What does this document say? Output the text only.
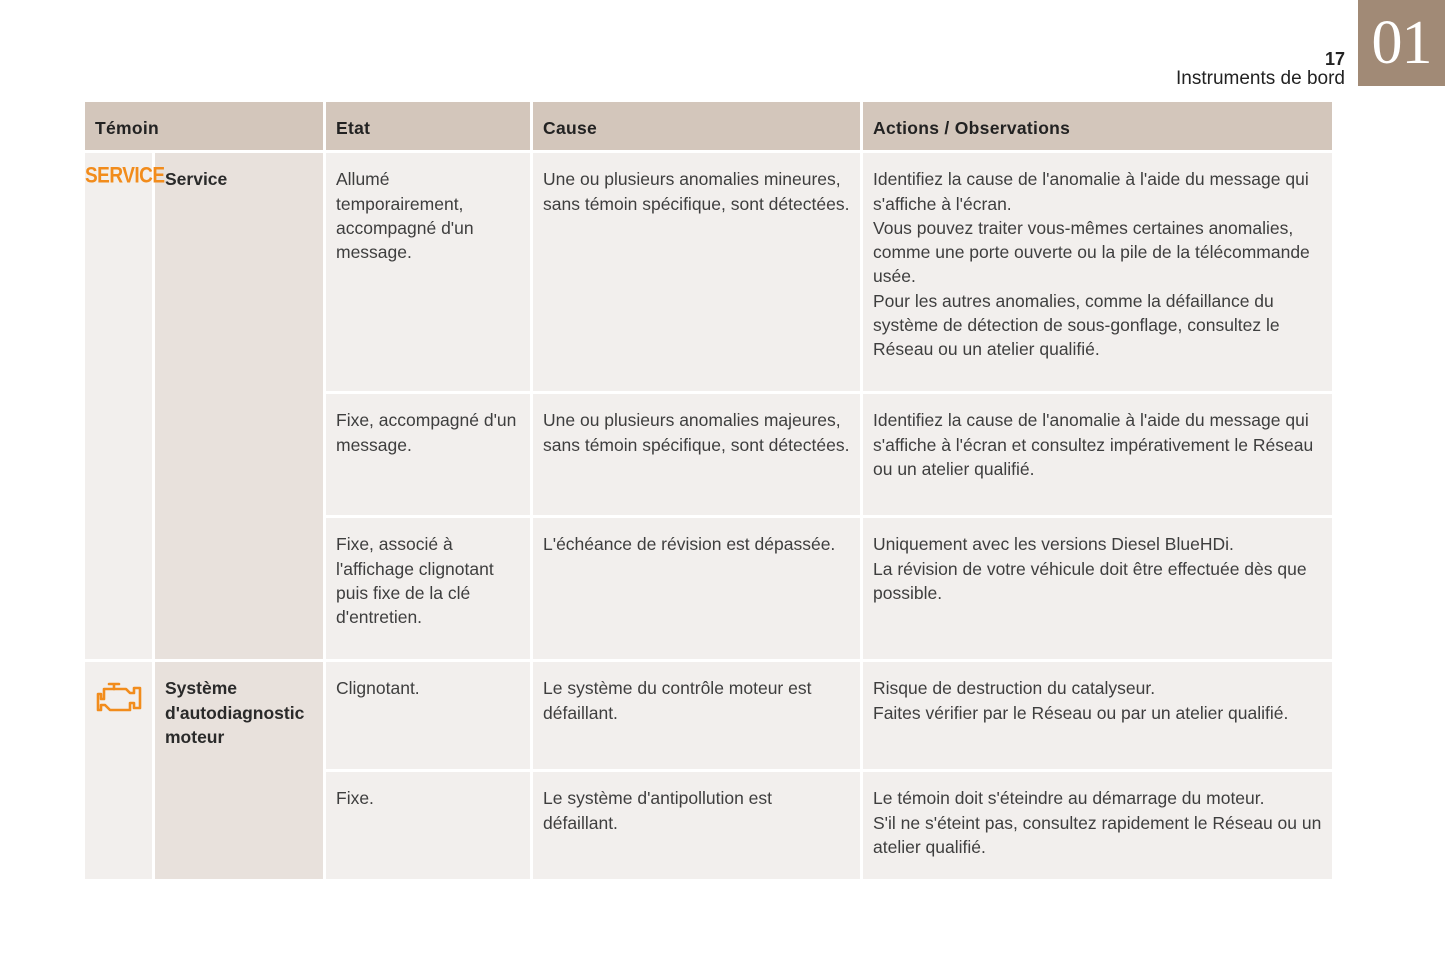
01
17
Instruments de bord
Témoin		Etat	Cause	Actions / Observations
SERVICE	Service	Allumé temporairement, accompagné d'un message.	Une ou plusieurs anomalies mineures, sans témoin spécifique, sont détectées.	Identifiez la cause de l'anomalie à l'aide du message qui s'affiche à l'écran.
Vous pouvez traiter vous-mêmes certaines anomalies, comme une porte ouverte ou la pile de la télécommande usée.
Pour les autres anomalies, comme la défaillance du système de détection de sous-gonflage, consultez le Réseau ou un atelier qualifié.

		Fixe, accompagné d'un message.	Une ou plusieurs anomalies majeures, sans témoin spécifique, sont détectées.	Identifiez la cause de l'anomalie à l'aide du message qui s'affiche à l'écran et consultez impérativement le Réseau ou un atelier qualifié.

		Fixe, associé à l'affichage clignotant puis fixe de la clé d'entretien.	L'échéance de révision est dépassée.	Uniquement avec les versions Diesel BlueHDi.
La révision de votre véhicule doit être effectuée dès que possible.

	Système d'autodiagnostic moteur	Clignotant.	Le système du contrôle moteur est défaillant.	Risque de destruction du catalyseur.
Faites vérifier par le Réseau ou par un atelier qualifié.

		Fixe.	Le système d'antipollution est défaillant.	Le témoin doit s'éteindre au démarrage du moteur.
S'il ne s'éteint pas, consultez rapidement le Réseau ou un atelier qualifié.
